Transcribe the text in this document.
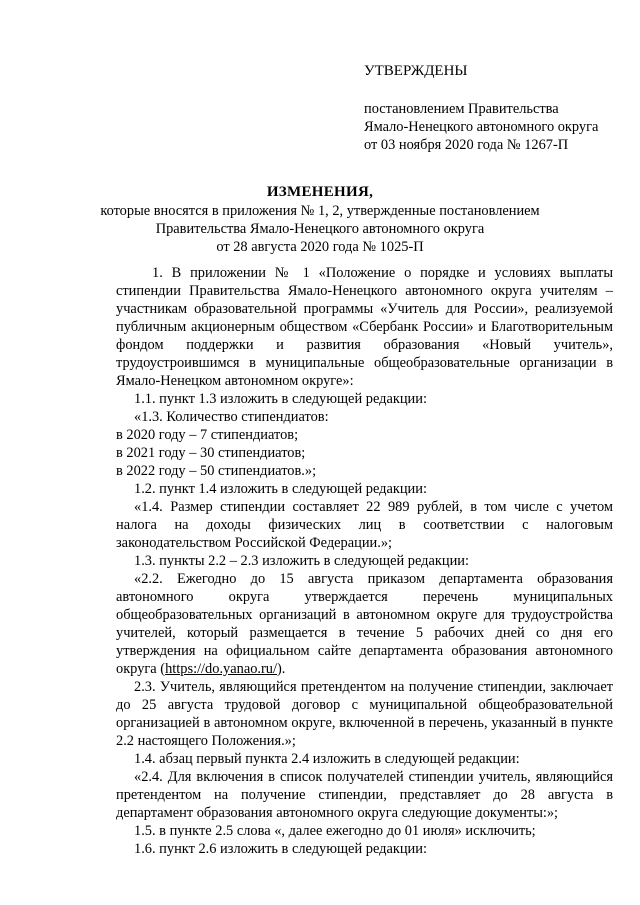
УТВЕРЖДЕНЫ
постановлением Правительства
Ямало-Ненецкого автономного округа
от 03 ноября 2020 года № 1267-П
ИЗМЕНЕНИЯ,
которые вносятся в приложения № 1, 2, утвержденные постановлением
Правительства Ямало-Ненецкого автономного округа
от 28 августа 2020 года № 1025-П

1. В приложении № 1 «Положение о порядке и условиях выплаты стипендии Правительства Ямало-Ненецкого автономного округа учителям – участникам образовательной программы «Учитель для России», реализуемой публичным акционерным обществом «Сбербанк России» и Благотворительным фондом поддержки и развития образования «Новый учитель», трудоустроившимся в муниципальные общеобразовательные организации в Ямало-Ненецком автономном округе»:

1.1. пункт 1.3 изложить в следующей редакции:

«1.3. Количество стипендиатов:

в 2020 году – 7 стипендиатов;

в 2021 году – 30 стипендиатов;

в 2022 году – 50 стипендиатов.»;

1.2. пункт 1.4 изложить в следующей редакции:

«1.4. Размер стипендии составляет 22 989 рублей, в том числе с учетом налога на доходы физических лиц в соответствии с налоговым законодательством Российской Федерации.»;

1.3. пункты 2.2 – 2.3 изложить в следующей редакции:

«2.2. Ежегодно до 15 августа приказом департамента образования автономного округа утверждается перечень муниципальных общеобразовательных организаций в автономном округе для трудоустройства учителей, который размещается в течение 5 рабочих дней со дня его утверждения на официальном сайте департамента образования автономного округа (https://do.yanao.ru/).

2.3. Учитель, являющийся претендентом на получение стипендии, заключает до 25 августа трудовой договор с муниципальной общеобразовательной организацией в автономном округе, включенной в перечень, указанный в пункте 2.2 настоящего Положения.»;

1.4. абзац первый пункта 2.4 изложить в следующей редакции:

«2.4. Для включения в список получателей стипендии учитель, являющийся претендентом на получение стипендии, представляет до 28 августа в департамент образования автономного округа следующие документы:»;

1.5. в пункте 2.5 слова «, далее ежегодно до 01 июля» исключить;

1.6. пункт 2.6 изложить в следующей редакции:
